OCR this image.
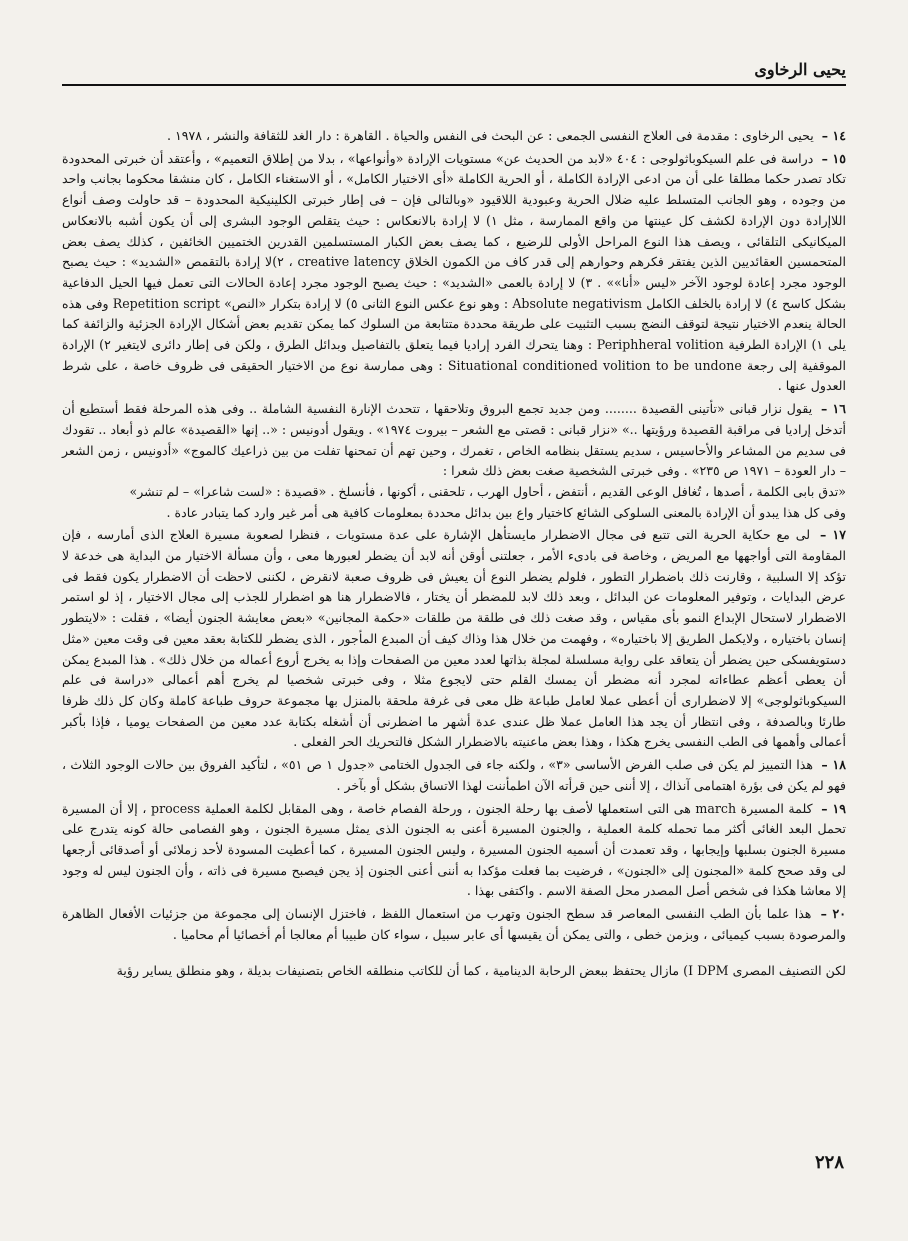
يحيى الرخاوى

١٤ – يحيى الرخاوى : مقدمة فى العلاج النفسى الجمعى : عن البحث فى النفس والحياة . القاهرة : دار الغد للثقافة والنشر ، ١٩٧٨ .

١٥ – دراسة فى علم السيكوباثولوجى : ٤٠٤ «لابد من الحديث عن» مستويات الإرادة «وأنواعها» ، بدلا من إطلاق التعميم» ، وأعتقد أن خبرتى المحدودة تكاد تصدر حكما مطلقا على أن من ادعى الإرادة الكاملة ، أو الحرية الكاملة «أى الاختيار الكامل» ، أو الاستغناء الكامل ، كان منشقا محكوما بجانب واحد من وجوده ، وهو الجانب المتسلط عليه ضلال الحرية وعبودية اللاقيود «وبالتالى فإن – فى إطار خبرتى الكلينيكية المحدودة – قد حاولت وصف أنواع اللاإرادة دون الإرادة لكشف كل عينتها من واقع الممارسة ، مثل ١) لا إرادة بالانعكاس : حيث يتقلص الوجود البشرى إلى أن يكون أشبه بالانعكاس الميكانيكى التلقائى ، ويصف هذا النوع المراحل الأولى للرضيع ، كما يصف بعض الكبار المستسلمين القدرين الختميين الخائفين ، كذلك يصف بعض المتحمسين العقائديين الذين يفتقر فكرهم وحوارهم إلى قدر كاف من الكمون الخلاق creative latency ، ٢)لا إرادة بالتقمص «الشديد» : حيث يصبح الوجود مجرد إعادة لوجود الآخر «ليس «أنا»» . ٣) لا إرادة بالعمى «الشديد» : حيث يصبح الوجود مجرد إعادة الحالات التى تعمل فيها الحيل الدفاعية بشكل كاسح ٤) لا إرادة بالخلف الكامل Absolute negativism : وهو نوع عكس النوع الثانى ٥) لا إرادة بتكرار «النص» Repetition script وفى هذه الحالة ينعدم الاختيار نتيجة لتوقف النضج بسبب التثبيت على طريقة محددة متتابعة من السلوك كما يمكن تقديم بعض أشكال الإرادة الجزئية والزائفة كما يلى ١) الإرادة الطرفية Periphheral volition : وهنا يتحرك الفرد إراديا فيما يتعلق بالتفاصيل وبدائل الطرق ، ولكن فى إطار دائرى لايتغير ٢) الإرادة الموقفية إلى رجعة Situational conditioned volition to be undone : وهى ممارسة نوع من الاختيار الحقيقى فى ظروف خاصة ، على شرط العدول عنها .

١٦ – يقول نزار قبانى «تأتينى القصيدة ........ ومن جديد تجمع البروق وتلاحقها ، تتحدث الإنارة النفسية الشاملة .. وفى هذه المرحلة فقط أستطيع أن أتدخل إراديا فى مراقبة القصيدة ورؤيتها ..» «نزار قبانى : قصتى مع الشعر – بيروت ١٩٧٤» . ويقول أدونيس : «.. إنها «القصيدة» عالم ذو أبعاد .. تقودك فى سديم من المشاعر والأحاسيس ، سديم يستقل بنظامه الخاص ، تغمرك ، وحين تهم أن تمحنها تفلت من بين ذراعيك كالموج» «أدونيس ، زمن الشعر – دار العودة – ١٩٧١ ص ٢٣٥» . وفى خبرتى الشخصية صغت بعض ذلك شعرا :
«تدق بابى الكلمة ، أصدها ، تُغافل الوعى القديم ، أنتفض ، أحاول الهرب ، تلحقنى ، أكونها ، فأنسلخ . «قصيدة : «لست شاعرا» – لم تنشر»
وفى كل هذا يبدو أن الإرادة بالمعنى السلوكى الشائع كاختيار واع بين بدائل محددة بمعلومات كافية هى أمر غير وارد كما يتبادر عادة .

١٧ – لى مع حكاية الحرية التى تتبع فى مجال الاضطرار مايستأهل الإشارة على عدة مستويات ، فنظرا لصعوبة مسيرة العلاج الذى أمارسه ، فإن المقاومة التى أواجهها مع المريض ، وخاصة فى بادىء الأمر ، جعلتنى أوقن أنه لابد أن يضطر لعبورها معى ، وأن مسألة الاختيار من البداية هى خدعة لا تؤكد إلا السلبية ، وقارنت ذلك باضطرار التطور ، فلولم يضطر النوع أن يعيش فى ظروف صعبة لانقرض ، لكننى لاحظت أن الاضطرار يكون فقط فى عرض البدايات ، وتوفير المعلومات عن البدائل ، وبعد ذلك لابد للمضطر أن يختار ، فالاضطرار هنا هو اضطرار للجذب إلى مجال الاختيار ، إذ لو استمر الاضطرار لاستحال الإبداع النمو بأى مقياس ، وقد صغت ذلك فى طلقة من طلقات «حكمة المجانين» «بعض معايشة الجنون أيضا» ، فقلت : «لايتطور إنسان باختياره ، ولايكمل الطريق إلا باختياره» ، وفهمت من خلال هذا وذاك كيف أن المبدع المأجور ، الذى يضطر للكتابة بعقد معين فى وقت معين «مثل دستويفسكى حين يضطر أن يتعاقد على رواية مسلسلة لمجلة بذاتها لعدد معين من الصفحات وإذا به يخرج أروع أعماله من خلال ذلك» . هذا المبدع يمكن أن يعطى أعظم عطاءاته لمجرد أنه مضطر أن يمسك القلم حتى لايجوع مثلا ، وفى خبرتى شخصيا لم يخرج أهم أعمالى «دراسة فى علم السيكوباثولوجى» إلا لاضطرارى أن أعطى عملا لعامل طباعة ظل معى فى غرفة ملحقة بالمنزل بها مجموعة حروف طباعة كاملة وكان كل ذلك ظرفا طارئا وبالصدفة ، وفى انتظار أن يجد هذا العامل عملا ظل عندى عدة أشهر ما اضطرنى أن أشغله بكتابة عدد معين من الصفحات يوميا ، فإذا بأكبر أعمالى وأهمها فى الطب النفسى يخرج هكذا ، وهذا بعض ماعنيته بالاضطرار الشكل فالتحريك الحر الفعلى .

١٨ – هذا التمييز لم يكن فى صلب الفرض الأساسى «٣» ، ولكنه جاء فى الجدول الختامى «جدول ١ ص ٥١» ، لتأكيد الفروق بين حالات الوجود الثلاث ، فهو لم يكن فى بؤرة اهتمامى آنذاك ، إلا أننى حين قرأته الآن اطمأننت لهذا الاتساق بشكل أو بآخر .

١٩ – كلمة المسيرة march هى التى استعملها لأصف بها رحلة الجنون ، ورحلة الفصام خاصة ، وهى المقابل لكلمة العملية process ، إلا أن المسيرة تحمل البعد الغائى أكثر مما تحمله كلمة العملية ، والجنون المسيرة أعنى به الجنون الذى يمثل مسيرة الجنون ، وهو الفصامى حالة كونه يتدرج على مسيرة الجنون بسلبها وإيجابها ، وقد تعمدت أن أسميه الجنون المسيرة ، وليس الجنون المسيرة ، كما أعطيت المسودة لأحد زملائى أو أصدقائى أرجعها لى وقد صحح كلمة «المجنون إلى «الجنون» ، فرضيت بما فعلت مؤكدا به أننى أعنى الجنون إذ يجن فيصبح مسيرة فى ذاته ، وأن الجنون ليس له وجود إلا معاشا هكذا فى شخص أصل المصدر محل الصفة الاسم . واكتفى بهذا .

٢٠ – هذا علما بأن الطب النفسى المعاصر قد سطح الجنون وتهرب من استعمال اللفظ ، فاختزل الإنسان إلى مجموعة من جزئيات الأفعال الظاهرة والمرصودة بسبب كيميائى ، وبزمن خطى ، والتى يمكن أن يقيسها أى عابر سبيل ، سواء كان طبيبا أم معالجا أم أخصائيا أم محاميا .

لكن التصنيف المصرى I DPM) مازال يحتفظ ببعض الرحابة الدينامية ، كما أن للكاتب منطلقه الخاص بتصنيفات بديلة ، وهو منطلق يساير رؤية

٢٢٨
